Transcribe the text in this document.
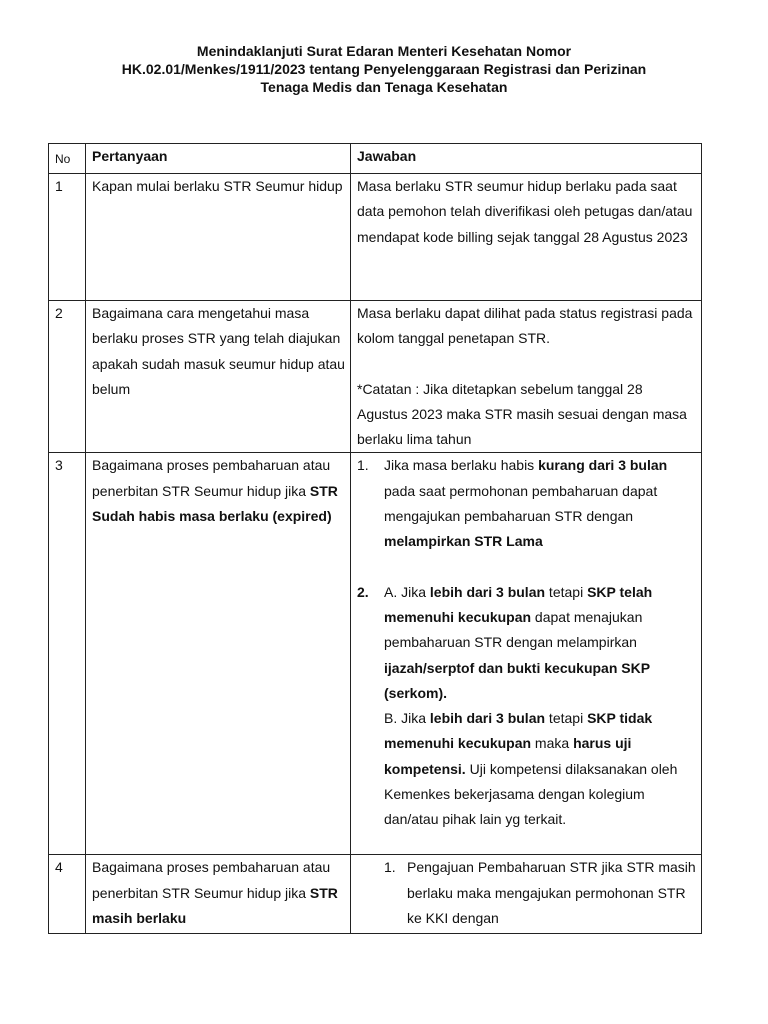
Menindaklanjuti Surat Edaran Menteri Kesehatan Nomor
HK.02.01/Menkes/1911/2023 tentang Penyelenggaraan Registrasi dan Perizinan
Tenaga Medis dan Tenaga Kesehatan
No	Pertanyaan	Jawaban
1	Kapan mulai berlaku STR Seumur hidup	Masa berlaku STR seumur hidup berlaku pada saat data pemohon telah diverifikasi oleh petugas dan/atau mendapat kode billing sejak tanggal 28 Agustus 2023
2	Bagaimana cara mengetahui masa berlaku proses STR yang telah diajukan apakah sudah masuk seumur hidup atau belum	Masa berlaku dapat dilihat pada status registrasi pada kolom tanggal penetapan STR.
*Catatan : Jika ditetapkan sebelum tanggal 28 Agustus 2023 maka STR masih sesuai dengan masa berlaku lima tahun

3	Bagaimana proses pembaharuan atau penerbitan STR Seumur hidup jika STR Sudah habis masa berlaku (expired)	1. Jika masa berlaku habis kurang dari 3 bulan pada saat permohonan pembaharuan dapat mengajukan pembaharuan STR dengan melampirkan STR Lama
2. A. Jika lebih dari 3 bulan tetapi SKP telah memenuhi kecukupan dapat menajukan pembaharuan STR dengan melampirkan ijazah/serptof dan bukti kecukupan SKP (serkom).
B. Jika lebih dari 3 bulan tetapi SKP tidak memenuhi kecukupan maka harus uji kompetensi. Uji kompetensi dilaksanakan oleh Kemenkes bekerjasama dengan kolegium dan/atau pihak lain yg terkait.

4	Bagaimana proses pembaharuan atau penerbitan STR Seumur hidup jika STR masih berlaku	1. Pengajuan Pembaharuan STR jika STR masih berlaku maka mengajukan permohonan STR ke KKI dengan
